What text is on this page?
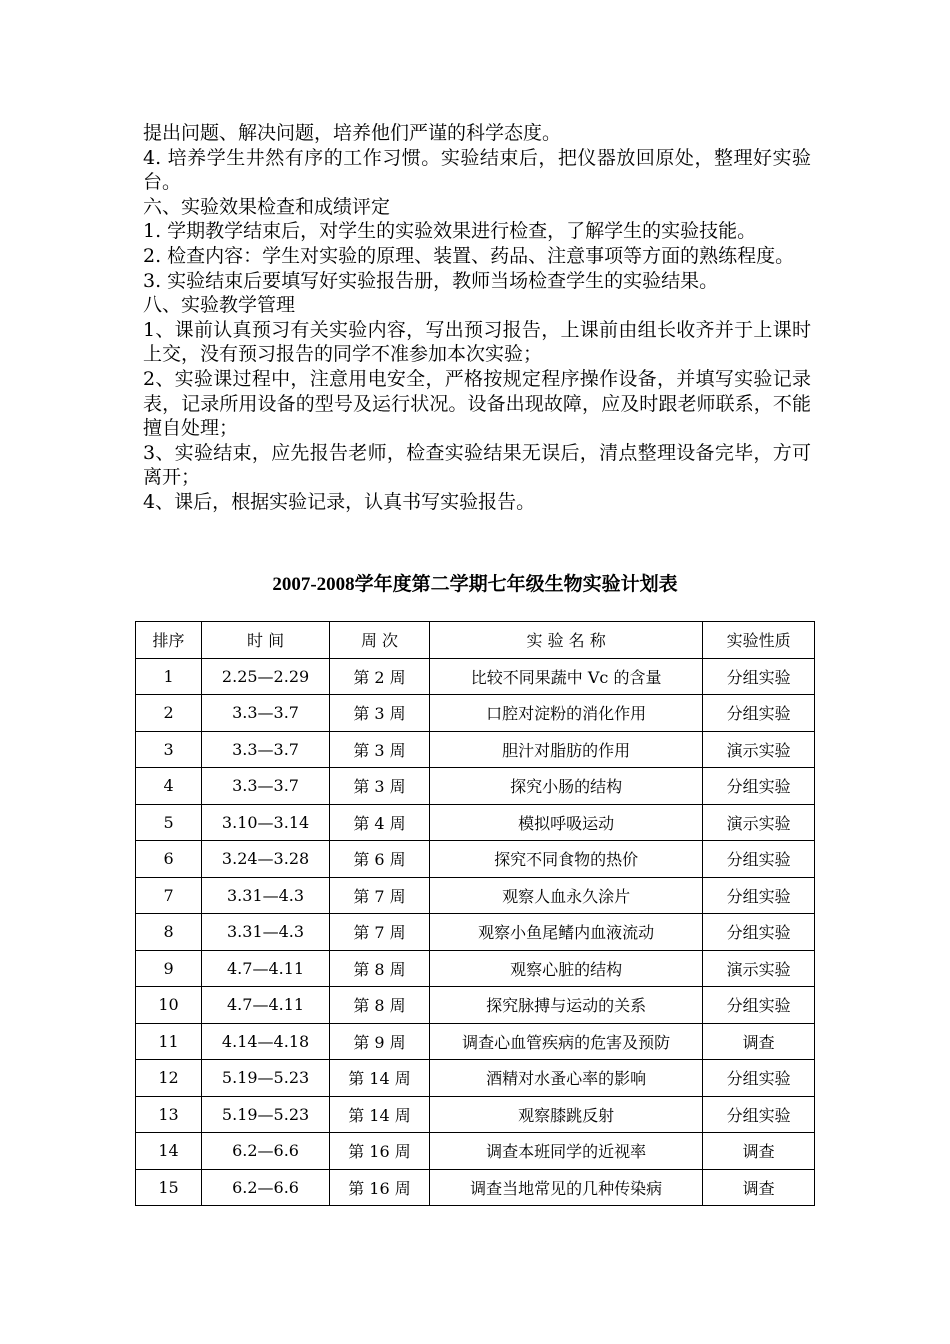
提出问题、解决问题，培养他们严谨的科学态度。

4. 培养学生井然有序的工作习惯。实验结束后，把仪器放回原处，整理好实验台。

六、实验效果检查和成绩评定

1. 学期教学结束后，对学生的实验效果进行检查，了解学生的实验技能。

2. 检查内容：学生对实验的原理、装置、药品、注意事项等方面的熟练程度。

3. 实验结束后要填写好实验报告册，教师当场检查学生的实验结果。

八、实验教学管理

1、课前认真预习有关实验内容，写出预习报告，上课前由组长收齐并于上课时上交，没有预习报告的同学不准参加本次实验；

2、实验课过程中，注意用电安全，严格按规定程序操作设备，并填写实验记录表，记录所用设备的型号及运行状况。设备出现故障，应及时跟老师联系，不能擅自处理；

3、实验结束，应先报告老师，检查实验结果无误后，清点整理设备完毕，方可离开；

4、课后，根据实验记录，认真书写实验报告。

2007-2008学年度第二学期七年级生物实验计划表
排序	时 间	周 次	实 验 名 称	实验性质
1	2.25—2.29	第 2 周	比较不同果蔬中 Vc 的含量	分组实验
2	3.3—3.7	第 3 周	口腔对淀粉的消化作用	分组实验
3	3.3—3.7	第 3 周	胆汁对脂肪的作用	演示实验
4	3.3—3.7	第 3 周	探究小肠的结构	分组实验
5	3.10—3.14	第 4 周	模拟呼吸运动	演示实验
6	3.24—3.28	第 6 周	探究不同食物的热价	分组实验
7	3.31—4.3	第 7 周	观察人血永久涂片	分组实验
8	3.31—4.3	第 7 周	观察小鱼尾鳍内血液流动	分组实验
9	4.7—4.11	第 8 周	观察心脏的结构	演示实验
10	4.7—4.11	第 8 周	探究脉搏与运动的关系	分组实验
11	4.14—4.18	第 9 周	调查心血管疾病的危害及预防	调查
12	5.19—5.23	第 14 周	酒精对水蚤心率的影响	分组实验
13	5.19—5.23	第 14 周	观察膝跳反射	分组实验
14	6.2—6.6	第 16 周	调查本班同学的近视率	调查
15	6.2—6.6	第 16 周	调查当地常见的几种传染病	调查
